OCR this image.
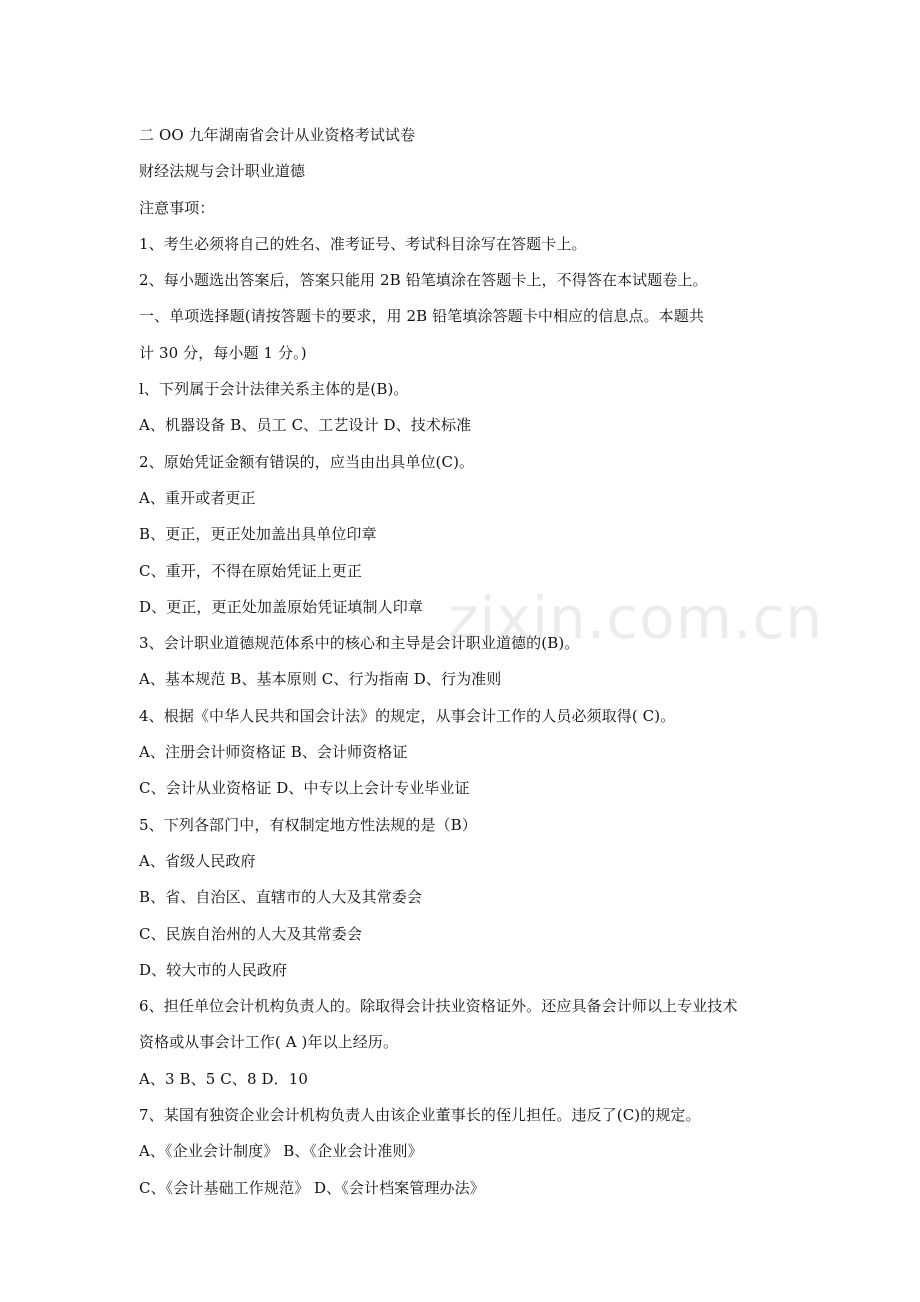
二 OO 九年湖南省会计从业资格考试试卷
财经法规与会计职业道德
注意事项：
1、考生必须将自己的姓名、准考证号、考试科目涂写在答题卡上。
2、每小题选出答案后，答案只能用 2B 铅笔填涂在答题卡上，不得答在本试题卷上。
一、单项选择题(请按答题卡的要求，用 2B 铅笔填涂答题卡中相应的信息点。本题共
计 30 分，每小题 1 分。)
l、下列属于会计法律关系主体的是(B)。
A、机器设备 B、员工 C、工艺设计 D、技术标准
2、原始凭证金额有错误的，应当由出具单位(C)。
A、重开或者更正
B、更正，更正处加盖出具单位印章
C、重开，不得在原始凭证上更正
D、更正，更正处加盖原始凭证填制人印章
3、会计职业道德规范体系中的核心和主导是会计职业道德的(B)。
A、基本规范 B、基本原则 C、行为指南 D、行为准则
4、根据《中华人民共和国会计法》的规定，从事会计工作的人员必须取得( C)。
A、注册会计师资格证 B、会计师资格证
C、会计从业资格证 D、中专以上会计专业毕业证
5、下列各部门中，有权制定地方性法规的是（B）
A、省级人民政府
B、省、自治区、直辖市的人大及其常委会
C、民族自治州的人大及其常委会
D、较大市的人民政府
6、担任单位会计机构负责人的。除取得会计扶业资格证外。还应具备会计师以上专业技术
资格或从事会计工作( A )年以上经历。
A、3 B、5 C、8 D．10
7、某国有独资企业会计机构负责人由该企业董事长的侄儿担任。违反了(C)的规定。
A、《企业会计制度》 B、《企业会计准则》
C、《会计基础工作规范》 D、《会计档案管理办法》
zixin.com.cn
